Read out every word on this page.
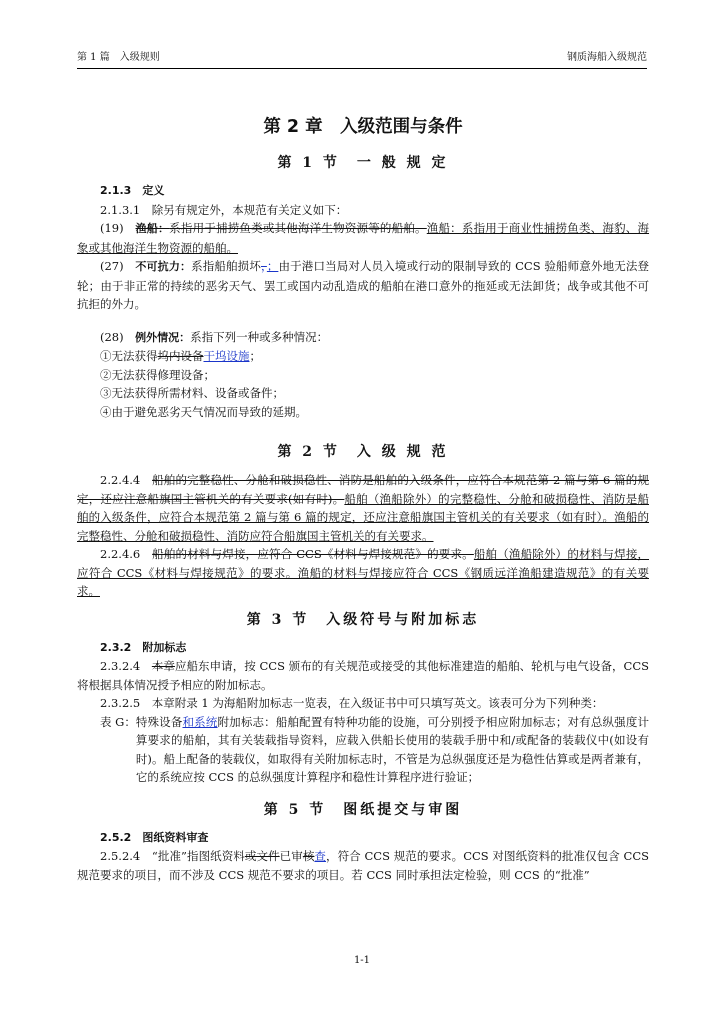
第 1 篇　入级规则	钢质海船入级规范
第 2 章　入级范围与条件
第 1 节　一 般 规 定

2.1.3　定义

2.1.3.1　除另有规定外，本规范有关定义如下：

(19)　渔船：系指用于捕捞鱼类或其他海洋生物资源等的船舶。渔船：系指用于商业性捕捞鱼类、海豹、海象或其他海洋生物资源的船舶。

(27)　不可抗力：系指船舶损坏，；由于港口当局对人员入境或行动的限制导致的 CCS 验船师意外地无法登轮；由于非正常的持续的恶劣天气、罢工或国内动乱造成的船舶在港口意外的拖延或无法卸货；战争或其他不可抗拒的外力。

(28)　例外情况：系指下列一种或多种情况：

①无法获得坞内设备干坞设施；

②无法获得修理设备；

③无法获得所需材料、设备或备件；

④由于避免恶劣天气情况而导致的延期。

第 2 节　入 级 规 范

2.2.4.4　船舶的完整稳性、分舱和破损稳性、消防是船舶的入级条件，应符合本规范第 2 篇与第 6 篇的规定，还应注意船旗国主管机关的有关要求(如有时)。船舶（渔船除外）的完整稳性、分舱和破损稳性、消防是船舶的入级条件，应符合本规范第 2 篇与第 6 篇的规定，还应注意船旗国主管机关的有关要求（如有时）。渔船的完整稳性、分舱和破损稳性、消防应符合船旗国主管机关的有关要求。

2.2.4.6　船舶的材料与焊接，应符合 CCS《材料与焊接规范》的要求。船舶（渔船除外）的材料与焊接，应符合 CCS《材料与焊接规范》的要求。渔船的材料与焊接应符合 CCS《钢质远洋渔船建造规范》的有关要求。

第 3 节　入级符号与附加标志

2.3.2　附加标志

2.3.2.4　本章应船东申请，按 CCS 颁布的有关规范或接受的其他标准建造的船舶、轮机与电气设备，CCS 将根据具体情况授予相应的附加标志。

2.3.2.5　本章附录 1 为海船附加标志一览表，在入级证书中可只填写英文。该表可分为下列种类：

表 G： 特殊设备和系统附加标志：船舶配置有特种功能的设施，可分别授予相应附加标志；对有总纵强度计算要求的船舶，其有关装载指导资料，应载入供船长使用的装载手册中和/或配备的装载仪中(如设有时)。船上配备的装载仪，如取得有关附加标志时，不管是为总纵强度还是为稳性估算或是两者兼有，它的系统应按 CCS 的总纵强度计算程序和稳性计算程序进行验证；
第 5 节　图纸提交与审图

2.5.2　图纸资料审查

2.5.2.4　“批准”指图纸资料或文件已审核查，符合 CCS 规范的要求。CCS 对图纸资料的批准仅包含 CCS 规范要求的项目，而不涉及 CCS 规范不要求的项目。若 CCS 同时承担法定检验，则 CCS 的“批准”

1-1
